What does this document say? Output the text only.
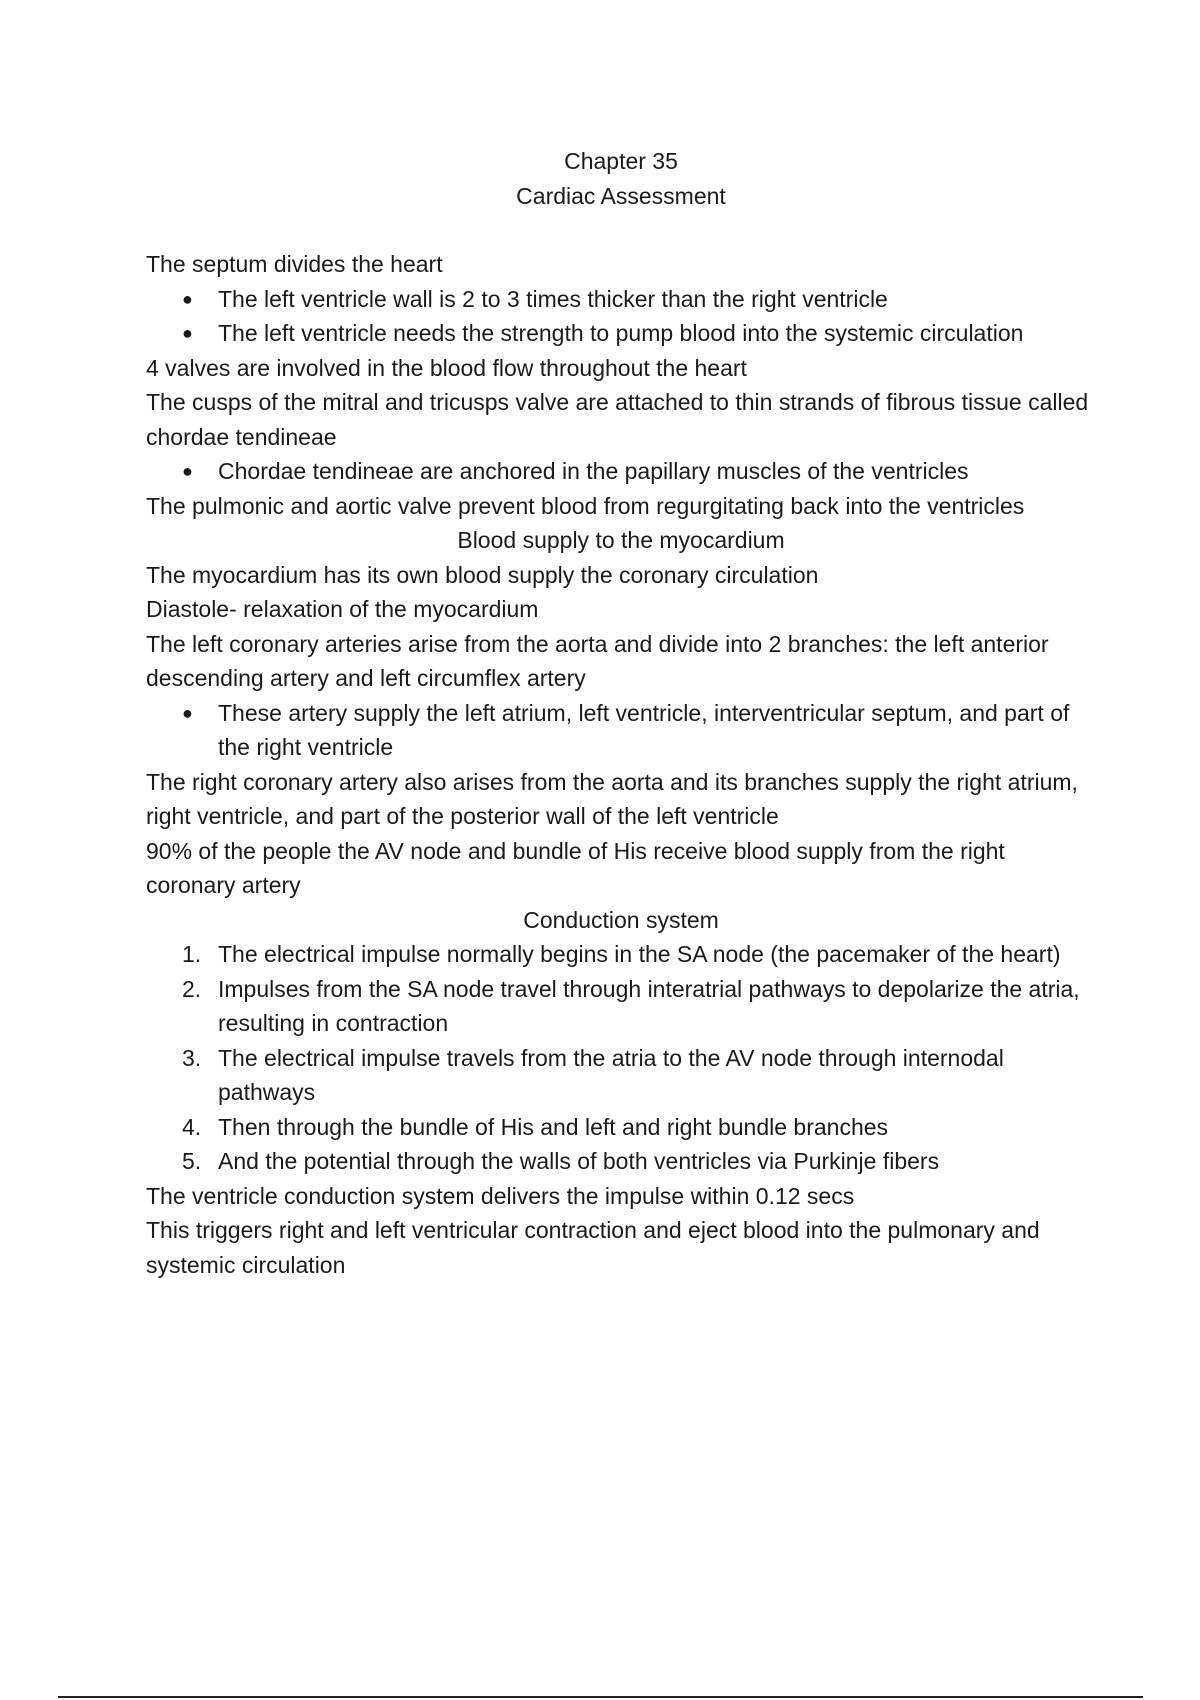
Chapter 35
Cardiac Assessment

The septum divides the heart

● The left ventricle wall is 2 to 3 times thicker than the right ventricle
● The left ventricle needs the strength to pump blood into the systemic circulation

4 valves are involved in the blood flow throughout the heart

The cusps of the mitral and tricusps valve are attached to thin strands of fibrous tissue called chordae tendineae

● Chordae tendineae are anchored in the papillary muscles of the ventricles

The pulmonic and aortic valve prevent blood from regurgitating back into the ventricles

Blood supply to the myocardium

The myocardium has its own blood supply the coronary circulation

Diastole- relaxation of the myocardium

The left coronary arteries arise from the aorta and divide into 2 branches: the left anterior descending artery and left circumflex artery

● These artery supply the left atrium, left ventricle, interventricular septum, and part of the right ventricle

The right coronary artery also arises from the aorta and its branches supply the right atrium, right ventricle, and part of the posterior wall of the left ventricle

90% of the people the AV node and bundle of His receive blood supply from the right coronary artery

Conduction system

1. The electrical impulse normally begins in the SA node (the pacemaker of the heart)
2. Impulses from the SA node travel through interatrial pathways to depolarize the atria, resulting in contraction
3. The electrical impulse travels from the atria to the AV node through internodal pathways
4. Then through the bundle of His and left and right bundle branches
5. And the potential through the walls of both ventricles via Purkinje fibers

The ventricle conduction system delivers the impulse within 0.12 secs

This triggers right and left ventricular contraction and eject blood into the pulmonary and systemic circulation
